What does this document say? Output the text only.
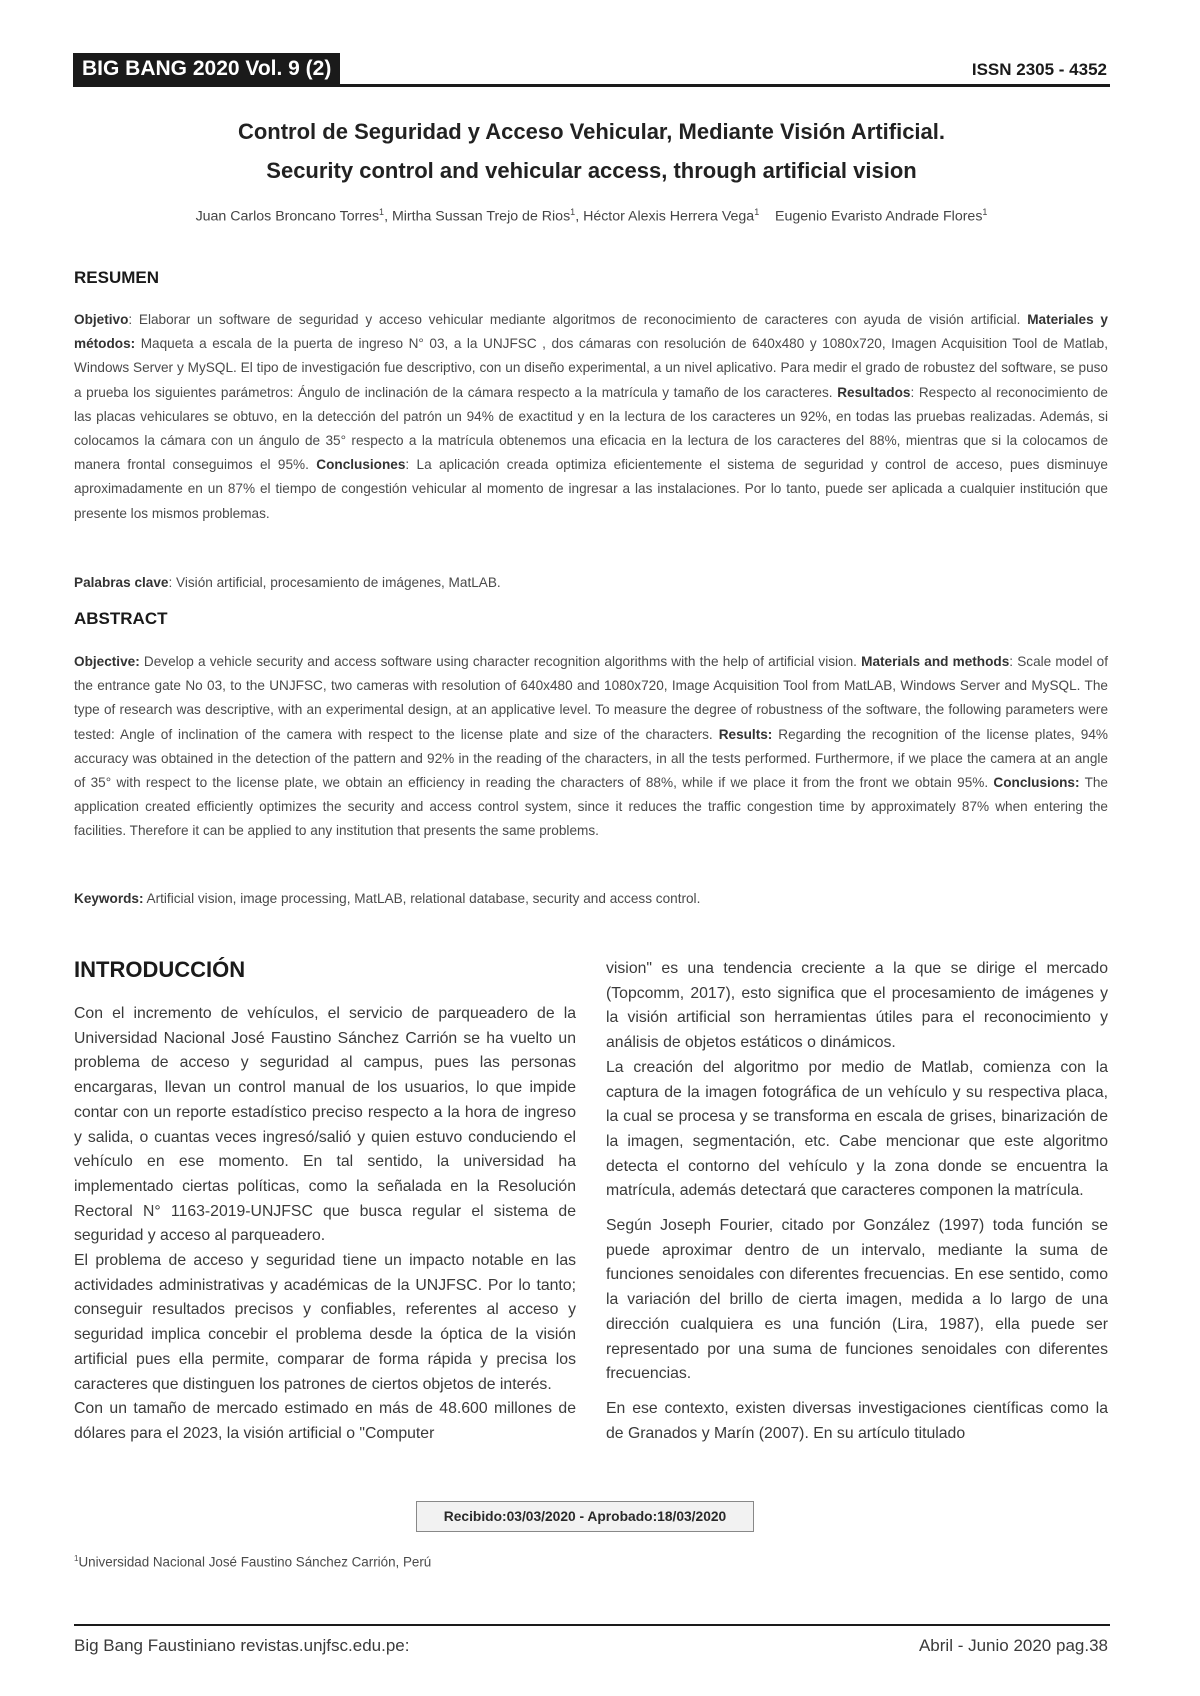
BIG BANG 2020 Vol. 9 (2)	ISSN 2305 - 4352
Control de Seguridad y Acceso Vehicular, Mediante Visión Artificial.
Security control and vehicular access, through artificial vision
Juan Carlos Broncano Torres$^1$, Mirtha Sussan Trejo de Rios$^1$, Héctor Alexis Herrera Vega$^1$ Eugenio Evaristo Andrade Flores$^1$
RESUMEN
Objetivo: Elaborar un software de seguridad y acceso vehicular mediante algoritmos de reconocimiento de caracteres con ayuda de visión artificial. Materiales y métodos: Maqueta a escala de la puerta de ingreso N° 03, a la UNJFSC , dos cámaras con resolución de 640x480 y 1080x720, Imagen Acquisition Tool de Matlab, Windows Server y MySQL. El tipo de investigación fue descriptivo, con un diseño experimental, a un nivel aplicativo. Para medir el grado de robustez del software, se puso a prueba los siguientes parámetros: Ángulo de inclinación de la cámara respecto a la matrícula y tamaño de los caracteres. Resultados: Respecto al reconocimiento de las placas vehiculares se obtuvo, en la detección del patrón un 94% de exactitud y en la lectura de los caracteres un 92%, en todas las pruebas realizadas. Además, si colocamos la cámara con un ángulo de 35° respecto a la matrícula obtenemos una eficacia en la lectura de los caracteres del 88%, mientras que si la colocamos de manera frontal conseguimos el 95%. Conclusiones: La aplicación creada optimiza eficientemente el sistema de seguridad y control de acceso, pues disminuye aproximadamente en un 87% el tiempo de congestión vehicular al momento de ingresar a las instalaciones. Por lo tanto, puede ser aplicada a cualquier institución que presente los mismos problemas.
Palabras clave: Visión artificial, procesamiento de imágenes, MatLAB.
ABSTRACT
Objective: Develop a vehicle security and access software using character recognition algorithms with the help of artificial vision. Materials and methods: Scale model of the entrance gate No 03, to the UNJFSC, two cameras with resolution of 640x480 and 1080x720, Image Acquisition Tool from MatLAB, Windows Server and MySQL. The type of research was descriptive, with an experimental design, at an applicative level. To measure the degree of robustness of the software, the following parameters were tested: Angle of inclination of the camera with respect to the license plate and size of the characters. Results: Regarding the recognition of the license plates, 94% accuracy was obtained in the detection of the pattern and 92% in the reading of the characters, in all the tests performed. Furthermore, if we place the camera at an angle of 35° with respect to the license plate, we obtain an efficiency in reading the characters of 88%, while if we place it from the front we obtain 95%. Conclusions: The application created efficiently optimizes the security and access control system, since it reduces the traffic congestion time by approximately 87% when entering the facilities. Therefore it can be applied to any institution that presents the same problems.
Keywords: Artificial vision, image processing, MatLAB, relational database, security and access control.
INTRODUCCIÓN

Con el incremento de vehículos, el servicio de parqueadero de la Universidad Nacional José Faustino Sánchez Carrión se ha vuelto un problema de acceso y seguridad al campus, pues las personas encargaras, llevan un control manual de los usuarios, lo que impide contar con un reporte estadístico preciso respecto a la hora de ingreso y salida, o cuantas veces ingresó/salió y quien estuvo conduciendo el vehículo en ese momento. En tal sentido, la universidad ha implementado ciertas políticas, como la señalada en la Resolución Rectoral N° 1163-2019-UNJFSC que busca regular el sistema de seguridad y acceso al parqueadero.

El problema de acceso y seguridad tiene un impacto notable en las actividades administrativas y académicas de la UNJFSC. Por lo tanto; conseguir resultados precisos y confiables, referentes al acceso y seguridad implica concebir el problema desde la óptica de la visión artificial pues ella permite, comparar de forma rápida y precisa los caracteres que distinguen los patrones de ciertos objetos de interés.

Con un tamaño de mercado estimado en más de 48.600 millones de dólares para el 2023, la visión artificial o "Computer

vision" es una tendencia creciente a la que se dirige el mercado (Topcomm, 2017), esto significa que el procesamiento de imágenes y la visión artificial son herramientas útiles para el reconocimiento y análisis de objetos estáticos o dinámicos.

La creación del algoritmo por medio de Matlab, comienza con la captura de la imagen fotográfica de un vehículo y su respectiva placa, la cual se procesa y se transforma en escala de grises, binarización de la imagen, segmentación, etc. Cabe mencionar que este algoritmo detecta el contorno del vehículo y la zona donde se encuentra la matrícula, además detectará que caracteres componen la matrícula.

Según Joseph Fourier, citado por González (1997) toda función se puede aproximar dentro de un intervalo, mediante la suma de funciones senoidales con diferentes frecuencias. En ese sentido, como la variación del brillo de cierta imagen, medida a lo largo de una dirección cualquiera es una función (Lira, 1987), ella puede ser representado por una suma de funciones senoidales con diferentes frecuencias.

En ese contexto, existen diversas investigaciones científicas como la de Granados y Marín (2007). En su artículo titulado

Recibido:03/03/2020 - Aprobado:18/03/2020
$^1$Universidad Nacional José Faustino Sánchez Carrión, Perú
Big Bang Faustiniano revistas.unjfsc.edu.pe:	Abril - Junio 2020 pag.38
